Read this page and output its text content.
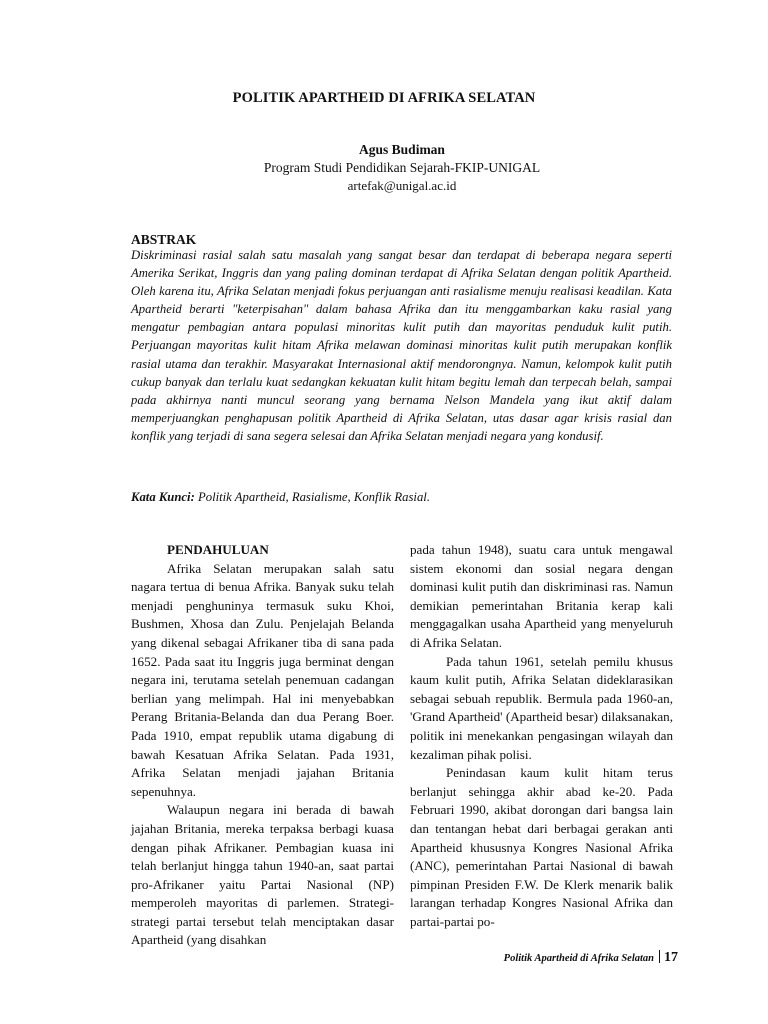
POLITIK APARTHEID DI AFRIKA SELATAN
Agus Budiman
Program Studi Pendidikan Sejarah-FKIP-UNIGAL
artefak@unigal.ac.id
ABSTRAK

Diskriminasi rasial salah satu masalah yang sangat besar dan terdapat di beberapa negara seperti Amerika Serikat, Inggris dan yang paling dominan terdapat di Afrika Selatan dengan politik Apartheid. Oleh karena itu, Afrika Selatan menjadi fokus perjuangan anti rasialisme menuju realisasi keadilan. Kata Apartheid berarti "keterpisahan" dalam bahasa Afrika dan itu menggambarkan kaku rasial yang mengatur pembagian antara populasi minoritas kulit putih dan mayoritas penduduk kulit putih. Perjuangan mayoritas kulit hitam Afrika melawan dominasi minoritas kulit putih merupakan konflik rasial utama dan terakhir. Masyarakat Internasional aktif mendorongnya. Namun, kelompok kulit putih cukup banyak dan terlalu kuat sedangkan kekuatan kulit hitam begitu lemah dan terpecah belah, sampai pada akhirnya nanti muncul seorang yang bernama Nelson Mandela yang ikut aktif dalam memperjuangkan penghapusan politik Apartheid di Afrika Selatan, utas dasar agar krisis rasial dan konflik yang terjadi di sana segera selesai dan Afrika Selatan menjadi negara yang kondusif.

Kata Kunci: Politik Apartheid, Rasialisme, Konflik Rasial.

PENDAHULUAN

Afrika Selatan merupakan salah satu nagara tertua di benua Afrika. Banyak suku telah menjadi penghuninya termasuk suku Khoi, Bushmen, Xhosa dan Zulu. Penjelajah Belanda yang dikenal sebagai Afrikaner tiba di sana pada 1652. Pada saat itu Inggris juga berminat dengan negara ini, terutama setelah penemuan cadangan berlian yang melimpah. Hal ini menyebabkan Perang Britania-Belanda dan dua Perang Boer. Pada 1910, empat republik utama digabung di bawah Kesatuan Afrika Selatan. Pada 1931, Afrika Selatan menjadi jajahan Britania sepenuhnya.

Walaupun negara ini berada di bawah jajahan Britania, mereka terpaksa berbagi kuasa dengan pihak Afrikaner. Pembagian kuasa ini telah berlanjut hingga tahun 1940-an, saat partai pro-Afrikaner yaitu Partai Nasional (NP) memperoleh mayoritas di parlemen. Strategi-strategi partai tersebut telah menciptakan dasar Apartheid (yang disahkan

pada tahun 1948), suatu cara untuk mengawal sistem ekonomi dan sosial negara dengan dominasi kulit putih dan diskriminasi ras. Namun demikian pemerintahan Britania kerap kali menggagalkan usaha Apartheid yang menyeluruh di Afrika Selatan.

Pada tahun 1961, setelah pemilu khusus kaum kulit putih, Afrika Selatan dideklarasikan sebagai sebuah republik. Bermula pada 1960-an, 'Grand Apartheid' (Apartheid besar) dilaksanakan, politik ini menekankan pengasingan wilayah dan kezaliman pihak polisi.

Penindasan kaum kulit hitam terus berlanjut sehingga akhir abad ke-20. Pada Februari 1990, akibat dorongan dari bangsa lain dan tentangan hebat dari berbagai gerakan anti Apartheid khususnya Kongres Nasional Afrika (ANC), pemerintahan Partai Nasional di bawah pimpinan Presiden F.W. De Klerk menarik balik larangan terhadap Kongres Nasional Afrika dan partai-partai po-

Politik Apartheid di Afrika Selatan 17
